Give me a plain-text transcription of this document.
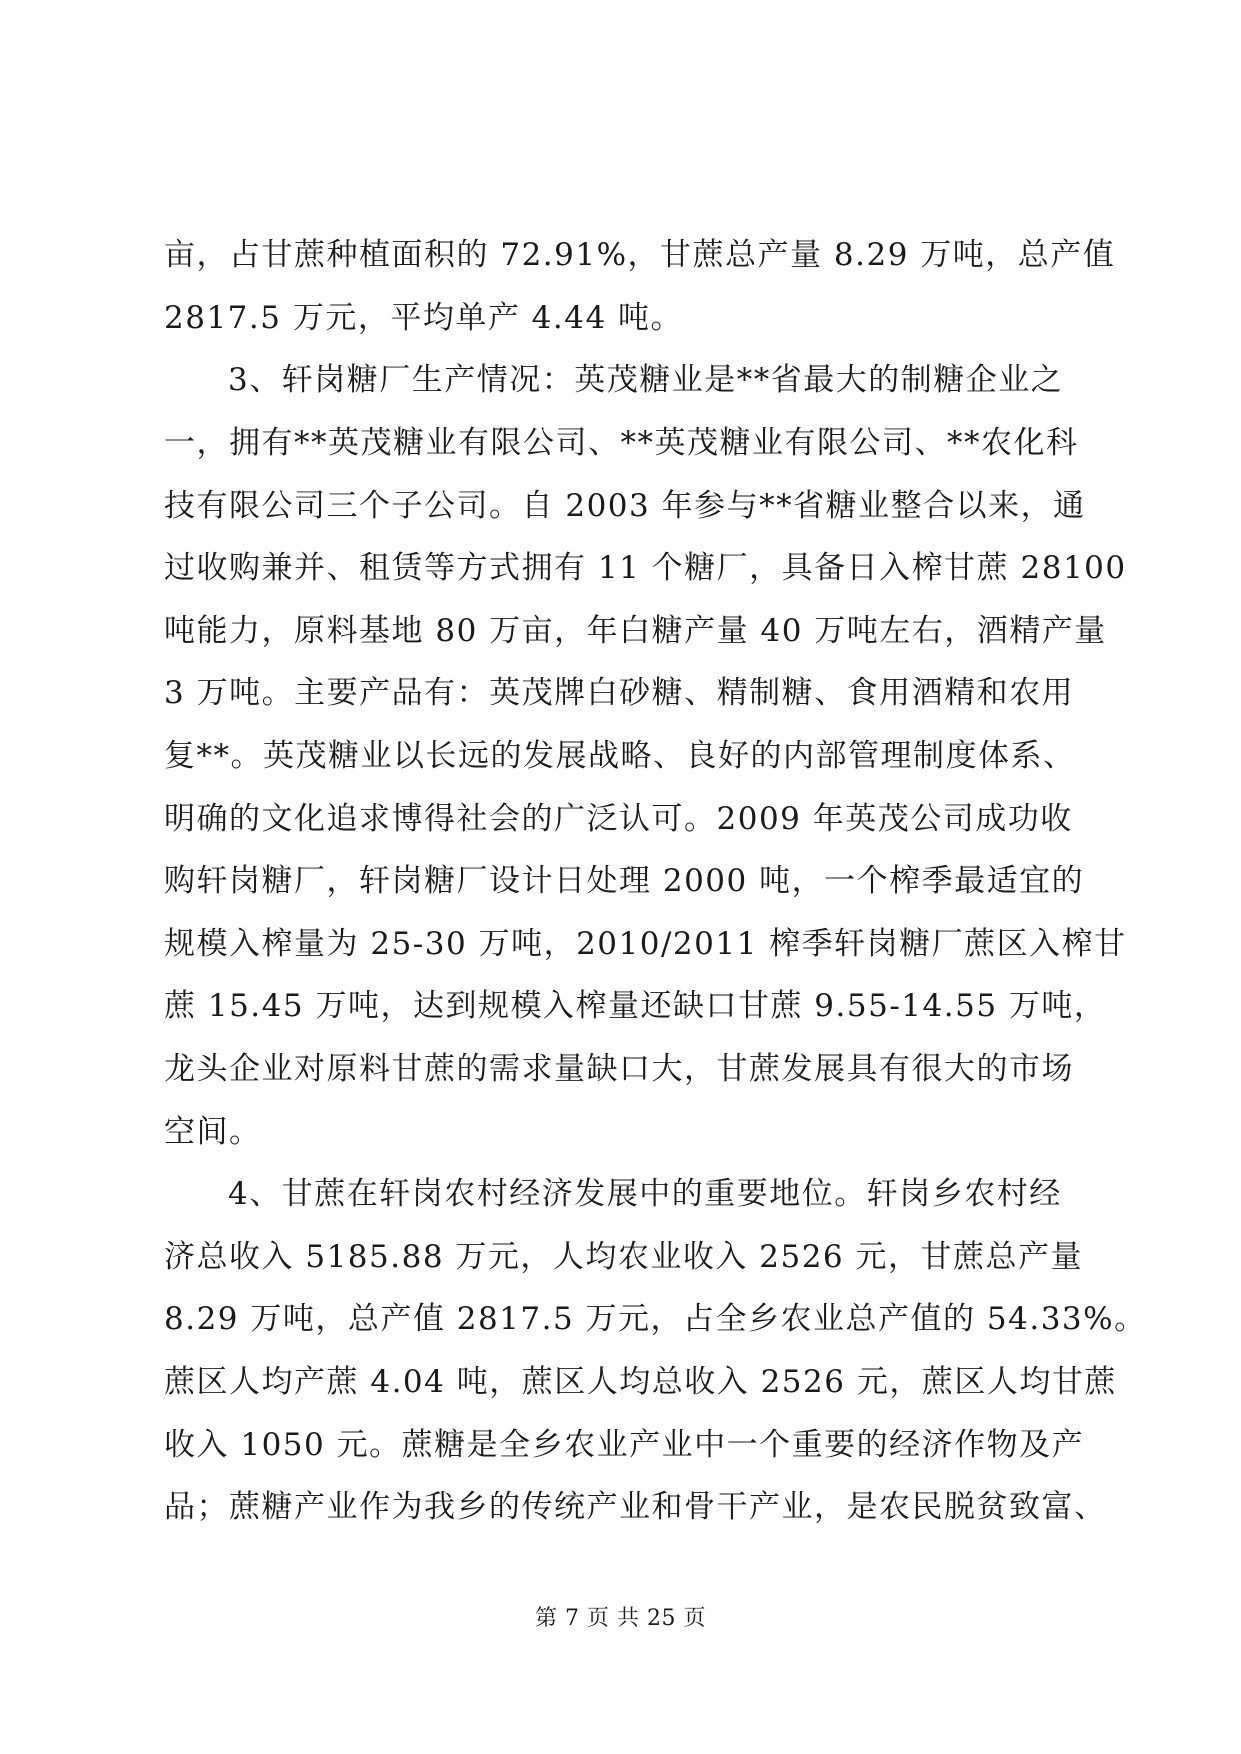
亩，占甘蔗种植面积的 72.91%，甘蔗总产量 8.29 万吨，总产值
2817.5 万元，平均单产 4.44 吨。
3、轩岗糖厂生产情况：英茂糖业是**省最大的制糖企业之
一，拥有**英茂糖业有限公司、**英茂糖业有限公司、**农化科
技有限公司三个子公司。自 2003 年参与**省糖业整合以来，通
过收购兼并、租赁等方式拥有 11 个糖厂，具备日入榨甘蔗 28100
吨能力，原料基地 80 万亩，年白糖产量 40 万吨左右，酒精产量
3 万吨。主要产品有：英茂牌白砂糖、精制糖、食用酒精和农用
复**。英茂糖业以长远的发展战略、良好的内部管理制度体系、
明确的文化追求博得社会的广泛认可。2009 年英茂公司成功收
购轩岗糖厂，轩岗糖厂设计日处理 2000 吨，一个榨季最适宜的
规模入榨量为 25-30 万吨，2010/2011 榨季轩岗糖厂蔗区入榨甘
蔗 15.45 万吨，达到规模入榨量还缺口甘蔗 9.55-14.55 万吨，
龙头企业对原料甘蔗的需求量缺口大，甘蔗发展具有很大的市场
空间。
4、甘蔗在轩岗农村经济发展中的重要地位。轩岗乡农村经
济总收入 5185.88 万元，人均农业收入 2526 元，甘蔗总产量
8.29 万吨，总产值 2817.5 万元，占全乡农业总产值的 54.33%。
蔗区人均产蔗 4.04 吨，蔗区人均总收入 2526 元，蔗区人均甘蔗
收入 1050 元。蔗糖是全乡农业产业中一个重要的经济作物及产
品；蔗糖产业作为我乡的传统产业和骨干产业，是农民脱贫致富、
第 7 页 共 25 页
